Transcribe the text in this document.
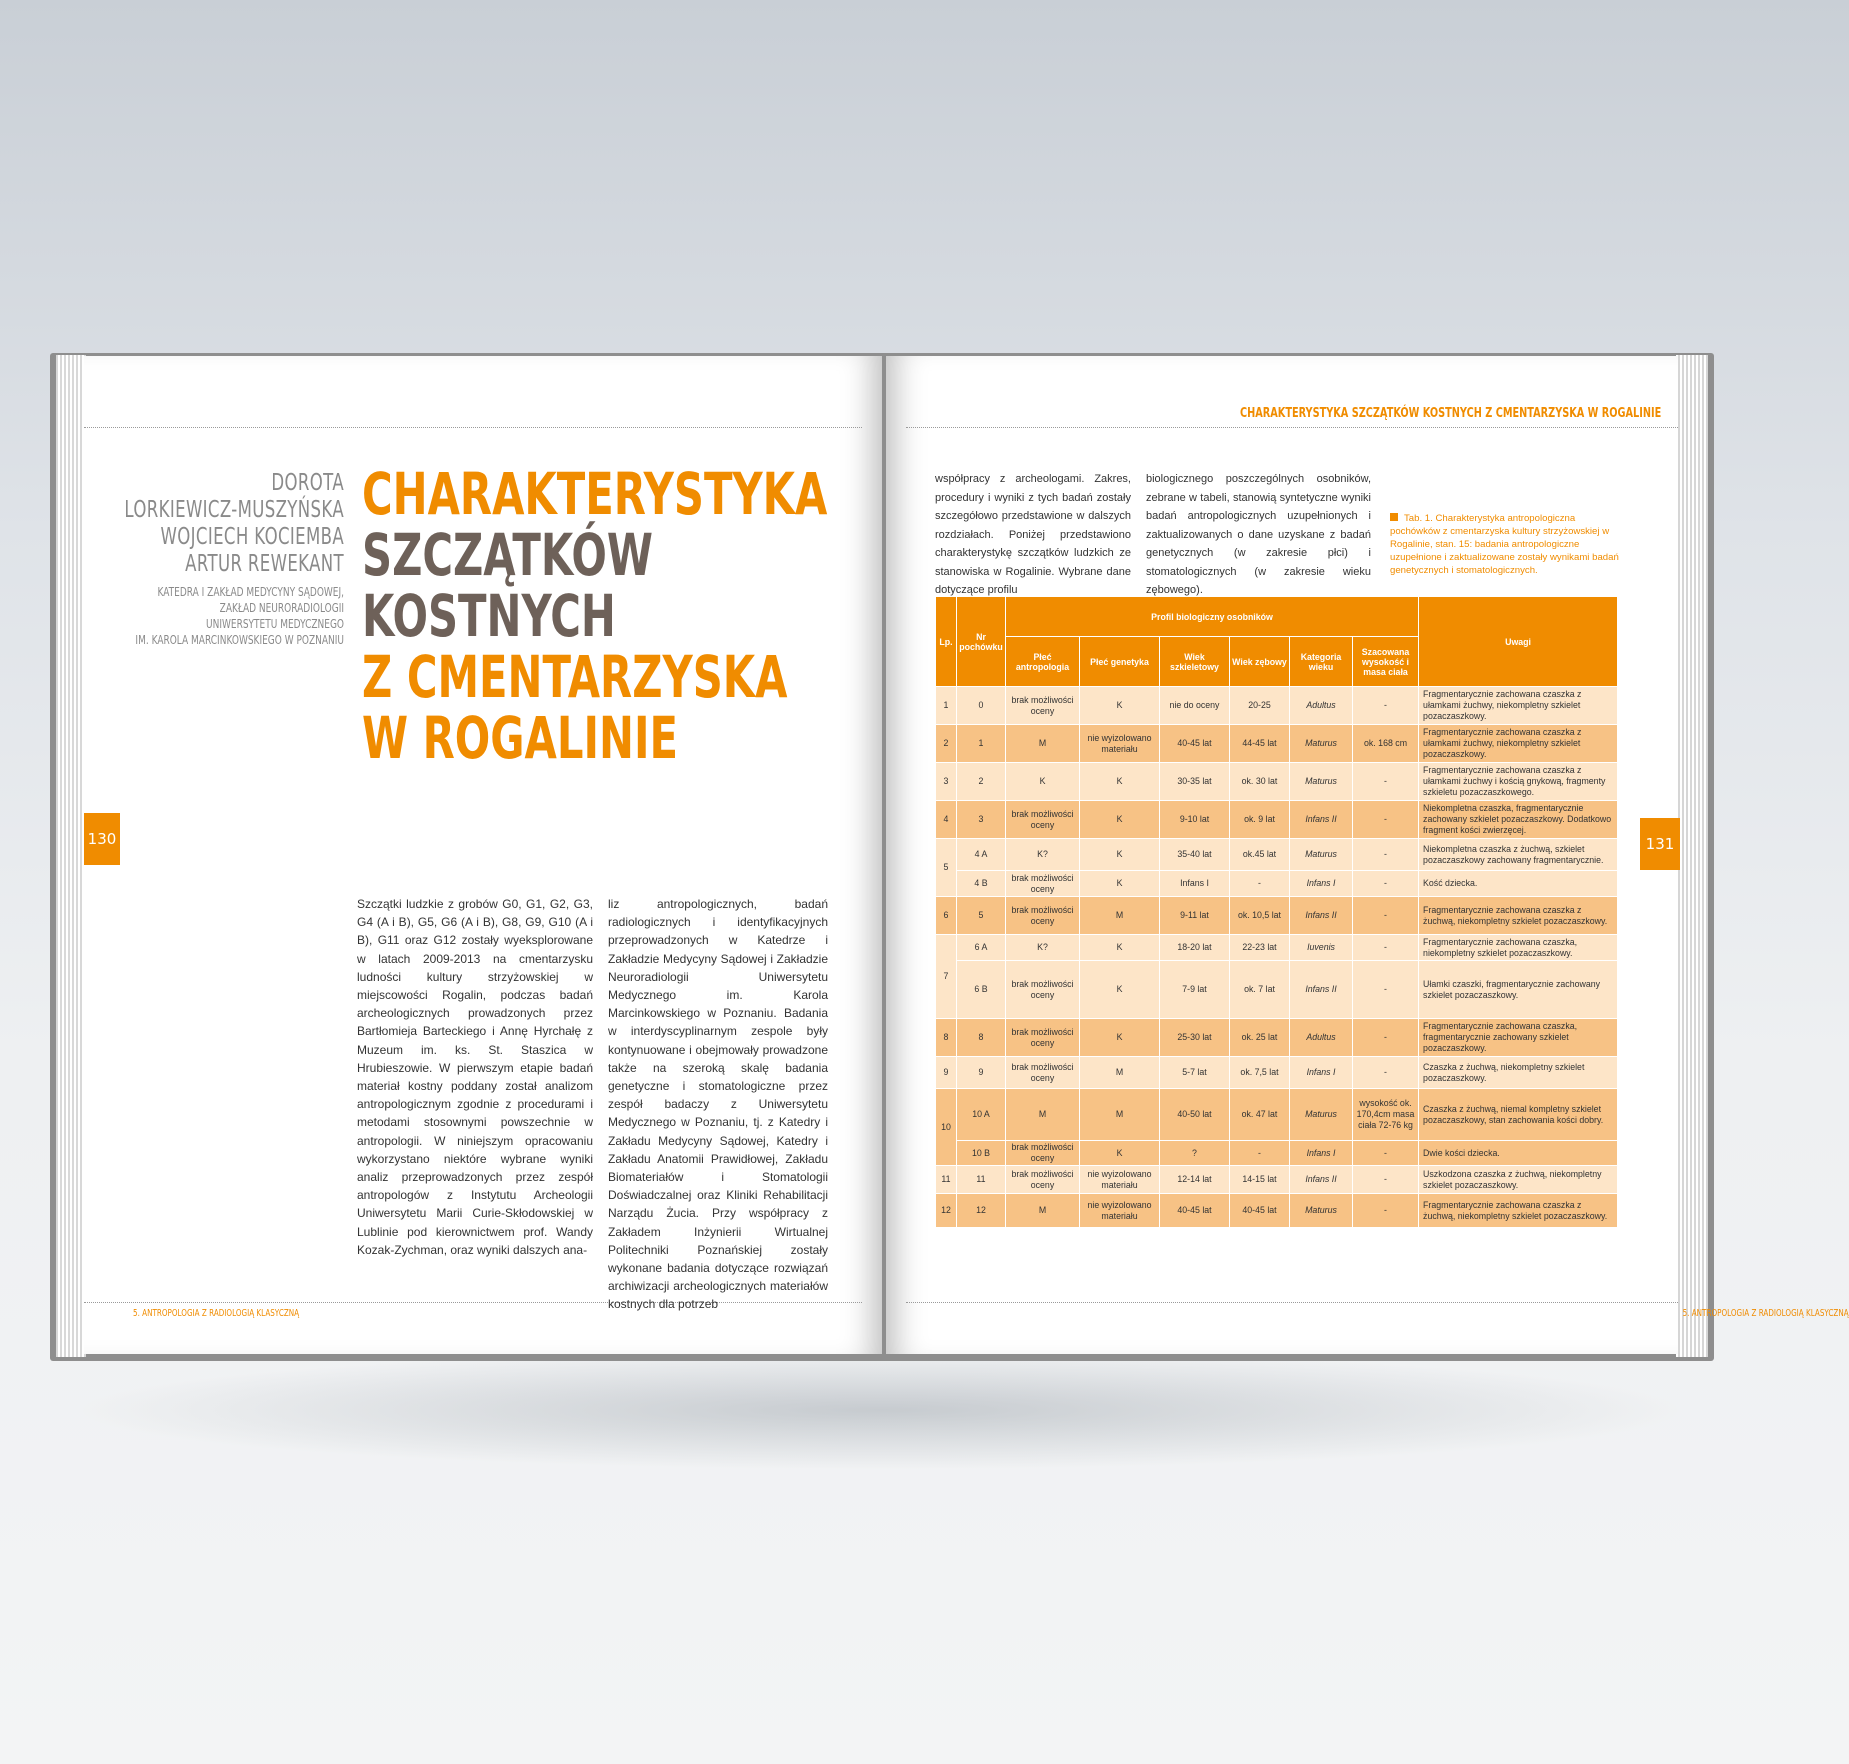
DOROTA
LORKIEWICZ-MUSZYŃSKA
WOJCIECH KOCIEMBA
ARTUR REWEKANT
KATEDRA I ZAKŁAD MEDYCYNY SĄDOWEJ,
ZAKŁAD NEURORADIOLOGII
UNIWERSYTETU MEDYCZNEGO
IM. KAROLA MARCINKOWSKIEGO W POZNANIU
CHARAKTERYSTYKA
SZCZĄTKÓW
KOSTNYCH
Z CMENTARZYSKA
W ROGALINIE
130
Szczątki ludzkie z grobów G0, G1, G2, G3, G4 (A i B), G5, G6 (A i B), G8, G9, G10 (A i B), G11 oraz G12 zostały wyeksplorowane w latach 2009-2013 na cmentarzysku ludności kultury strzyżowskiej w miejscowości Rogalin, podczas badań archeologicznych prowadzonych przez Bartłomieja Barteckiego i Annę Hyrchałę z Muzeum im. ks. St. Staszica w Hrubieszowie. W pierwszym etapie badań materiał kostny poddany został analizom antropologicznym zgodnie z procedurami i metodami stosownymi powszechnie w antropologii. W niniejszym opracowaniu wykorzystano niektóre wybrane wyniki analiz przeprowadzonych przez zespół antropologów z Instytutu Archeologii Uniwersytetu Marii Curie-Skłodowskiej w Lublinie pod kierownictwem prof. Wandy Kozak-Zychman, oraz wyniki dalszych ana-
liz antropologicznych, badań radiologicznych i identyfikacyjnych przeprowadzonych w Katedrze i Zakładzie Medycyny Sądowej i Zakładzie Neuroradiologii Uniwersytetu Medycznego im. Karola Marcinkowskiego w Poznaniu. Badania w interdyscyplinarnym zespole były kontynuowane i obejmowały prowadzone także na szeroką skalę badania genetyczne i stomatologiczne przez zespół badaczy z Uniwersytetu Medycznego w Poznaniu, tj. z Katedry i Zakładu Medycyny Sądowej, Katedry i Zakładu Anatomii Prawidłowej, Zakładu Biomateriałów i Stomatologii Doświadczalnej oraz Kliniki Rehabilitacji Narządu Żucia. Przy współpracy z Zakładem Inżynierii Wirtualnej Politechniki Poznańskiej zostały wykonane badania dotyczące rozwiązań archiwizacji archeologicznych materiałów kostnych dla potrzeb
5. ANTROPOLOGIA Z RADIOLOGIĄ KLASYCZNĄ
CHARAKTERYSTYKA SZCZĄTKÓW KOSTNYCH Z CMENTARZYSKA W ROGALINIE
współpracy z archeologami. Zakres, procedury i wyniki z tych badań zostały szczegółowo przedstawione w dalszych rozdziałach. Poniżej przedstawiono charakterystykę szczątków ludzkich ze stanowiska w Rogalinie. Wybrane dane dotyczące profilu
biologicznego poszczególnych osobników, zebrane w tabeli, stanowią syntetyczne wyniki badań antropologicznych uzupełnionych i zaktualizowanych o dane uzyskane z badań genetycznych (w zakresie płci) i stomatologicznych (w zakresie wieku zębowego).
Tab. 1. Charakterystyka antropologiczna pochówków z cmentarzyska kultury strzyżowskiej w Rogalinie, stan. 15: badania antropologiczne uzupełnione i zaktualizowane zostały wynikami badań genetycznych i stomatologicznych.
131
Lp.	Nr pochówku	Profil biologiczny osobników						Uwagi
		Płeć antropologia	Płeć genetyka	Wiek szkieletowy	Wiek zębowy	Kategoria wieku	Szacowana wysokość i masa ciała	
1	0	brak możliwości oceny	K	nie do oceny	20-25	Adultus	-	Fragmentarycznie zachowana czaszka z ułamkami żuchwy, niekompletny szkielet pozaczaszkowy.
2	1	M	nie wyizolowano materiału	40-45 lat	44-45 lat	Maturus	ok. 168 cm	Fragmentarycznie zachowana czaszka z ułamkami żuchwy, niekompletny szkielet pozaczaszkowy.
3	2	K	K	30-35 lat	ok. 30 lat	Maturus	-	Fragmentarycznie zachowana czaszka z ułamkami żuchwy i kością gnykową, fragmenty szkieletu pozaczaszkowego.
4	3	brak możliwości oceny	K	9-10 lat	ok. 9 lat	Infans II	-	Niekompletna czaszka, fragmentarycznie zachowany szkielet pozaczaszkowy. Dodatkowo fragment kości zwierzęcej.
5	4 A	K?	K	35-40 lat	ok.45 lat	Maturus	-	Niekompletna czaszka z żuchwą, szkielet pozaczaszkowy zachowany fragmentarycznie.
	4 B	brak możliwości oceny	K	Infans I	-	Infans I	-	Kość dziecka.
6	5	brak możliwości oceny	M	9-11 lat	ok. 10,5 lat	Infans II	-	Fragmentarycznie zachowana czaszka z żuchwą, niekompletny szkielet pozaczaszkowy.
7	6 A	K?	K	18-20 lat	22-23 lat	Iuvenis	-	Fragmentarycznie zachowana czaszka, niekompletny szkielet pozaczaszkowy.
	6 B	brak możliwości oceny	K	7-9 lat	ok. 7 lat	Infans II	-	Ułamki czaszki, fragmentarycznie zachowany szkielet pozaczaszkowy.
8	8	brak możliwości oceny	K	25-30 lat	ok. 25 lat	Adultus	-	Fragmentarycznie zachowana czaszka, fragmentarycznie zachowany szkielet pozaczaszkowy.
9	9	brak możliwości oceny	M	5-7 lat	ok. 7,5 lat	Infans I	-	Czaszka z żuchwą, niekompletny szkielet pozaczaszkowy.
10	10 A	M	M	40-50 lat	ok. 47 lat	Maturus	wysokość ok. 170,4cm masa ciała 72-76 kg	Czaszka z żuchwą, niemal kompletny szkielet pozaczaszkowy, stan zachowania kości dobry.
	10 B	brak możliwości oceny	K	?	-	Infans I	-	Dwie kości dziecka.
11	11	brak możliwości oceny	nie wyizolowano materiału	12-14 lat	14-15 lat	Infans II	-	Uszkodzona czaszka z żuchwą, niekompletny szkielet pozaczaszkowy.
12	12	M	nie wyizolowano materiału	40-45 lat	40-45 lat	Maturus	-	Fragmentarycznie zachowana czaszka z żuchwą, niekompletny szkielet pozaczaszkowy.
5. ANTROPOLOGIA Z RADIOLOGIĄ KLASYCZNĄ
